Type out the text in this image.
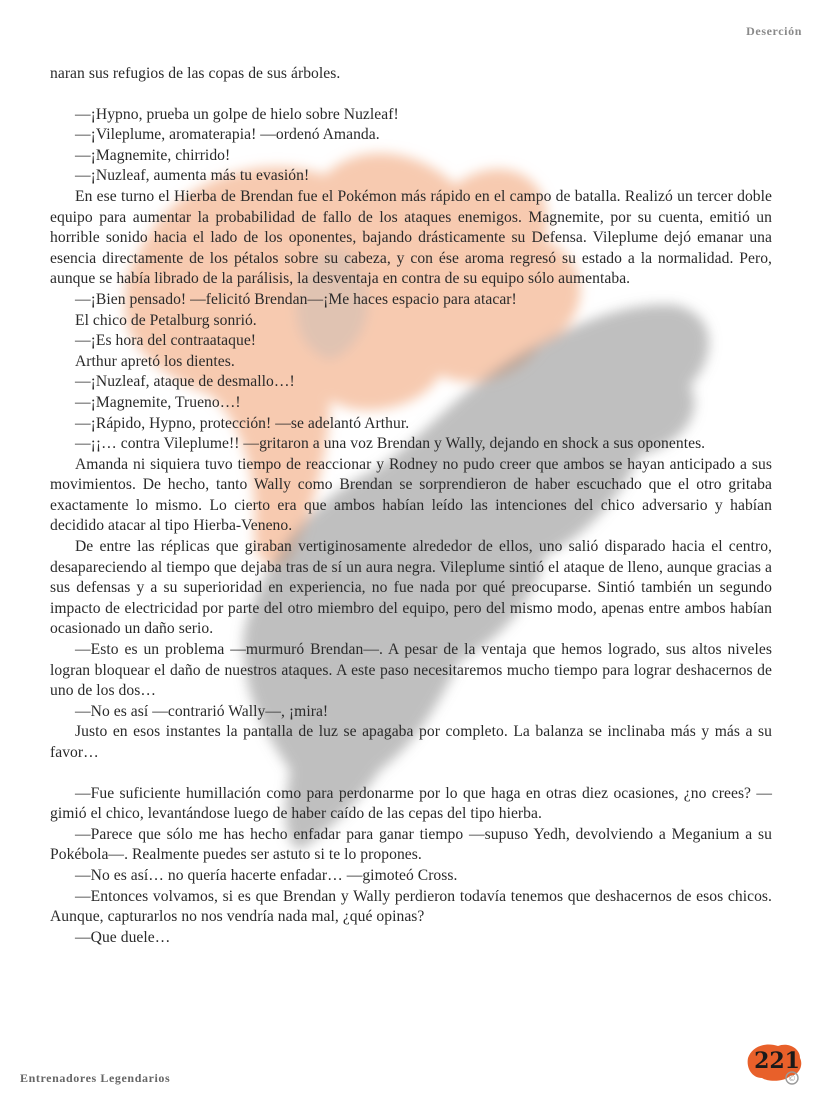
Deserción

naran sus refugios de las copas de sus árboles.

—¡Hypno, prueba un golpe de hielo sobre Nuzleaf!

—¡Vileplume, aromaterapia! —ordenó Amanda.

—¡Magnemite, chirrido!

—¡Nuzleaf, aumenta más tu evasión!

En ese turno el Hierba de Brendan fue el Pokémon más rápido en el campo de batalla. Realizó un tercer doble equipo para aumentar la probabilidad de fallo de los ataques enemigos. Magnemite, por su cuenta, emitió un horrible sonido hacia el lado de los oponentes, bajando drásticamente su Defensa. Vileplume dejó emanar una esencia directamente de los pétalos sobre su cabeza, y con ése aroma regresó su estado a la normalidad. Pero, aunque se había librado de la parálisis, la desventaja en contra de su equipo sólo aumentaba.

—¡Bien pensado! —felicitó Brendan—¡Me haces espacio para atacar!

El chico de Petalburg sonrió.

—¡Es hora del contraataque!

Arthur apretó los dientes.

—¡Nuzleaf, ataque de desmallo…!

—¡Magnemite, Trueno…!

—¡Rápido, Hypno, protección! —se adelantó Arthur.

—¡¡… contra Vileplume!! —gritaron a una voz Brendan y Wally, dejando en shock a sus oponentes.

Amanda ni siquiera tuvo tiempo de reaccionar y Rodney no pudo creer que ambos se hayan anticipado a sus movimientos. De hecho, tanto Wally como Brendan se sorprendieron de haber escuchado que el otro gritaba exactamente lo mismo. Lo cierto era que ambos habían leído las intenciones del chico adversario y habían decidido atacar al tipo Hierba-Veneno.

De entre las réplicas que giraban vertiginosamente alrededor de ellos, uno salió disparado hacia el centro, desapareciendo al tiempo que dejaba tras de sí un aura negra. Vileplume sintió el ataque de lleno, aunque gracias a sus defensas y a su superioridad en experiencia, no fue nada por qué preocuparse. Sintió también un segundo impacto de electricidad por parte del otro miembro del equipo, pero del mismo modo, apenas entre ambos habían ocasionado un daño serio.

—Esto es un problema —murmuró Brendan—. A pesar de la ventaja que hemos logrado, sus altos niveles logran bloquear el daño de nuestros ataques. A este paso necesitaremos mucho tiempo para lograr deshacernos de uno de los dos…

—No es así —contrarió Wally—, ¡mira!

Justo en esos instantes la pantalla de luz se apagaba por completo. La balanza se inclinaba más y más a su favor…

—Fue suficiente humillación como para perdonarme por lo que haga en otras diez ocasiones, ¿no crees? —gimió el chico, levantándose luego de haber caído de las cepas del tipo hierba.

—Parece que sólo me has hecho enfadar para ganar tiempo —supuso Yedh, devolviendo a Meganium a su Pokébola—. Realmente puedes ser astuto si te lo propones.

—No es así… no quería hacerte enfadar… —gimoteó Cross.

—Entonces volvamos, si es que Brendan y Wally perdieron todavía tenemos que deshacernos de esos chicos. Aunque, capturarlos no nos vendría nada mal, ¿qué opinas?

—Que duele…

Entrenadores Legendarios	©
221
